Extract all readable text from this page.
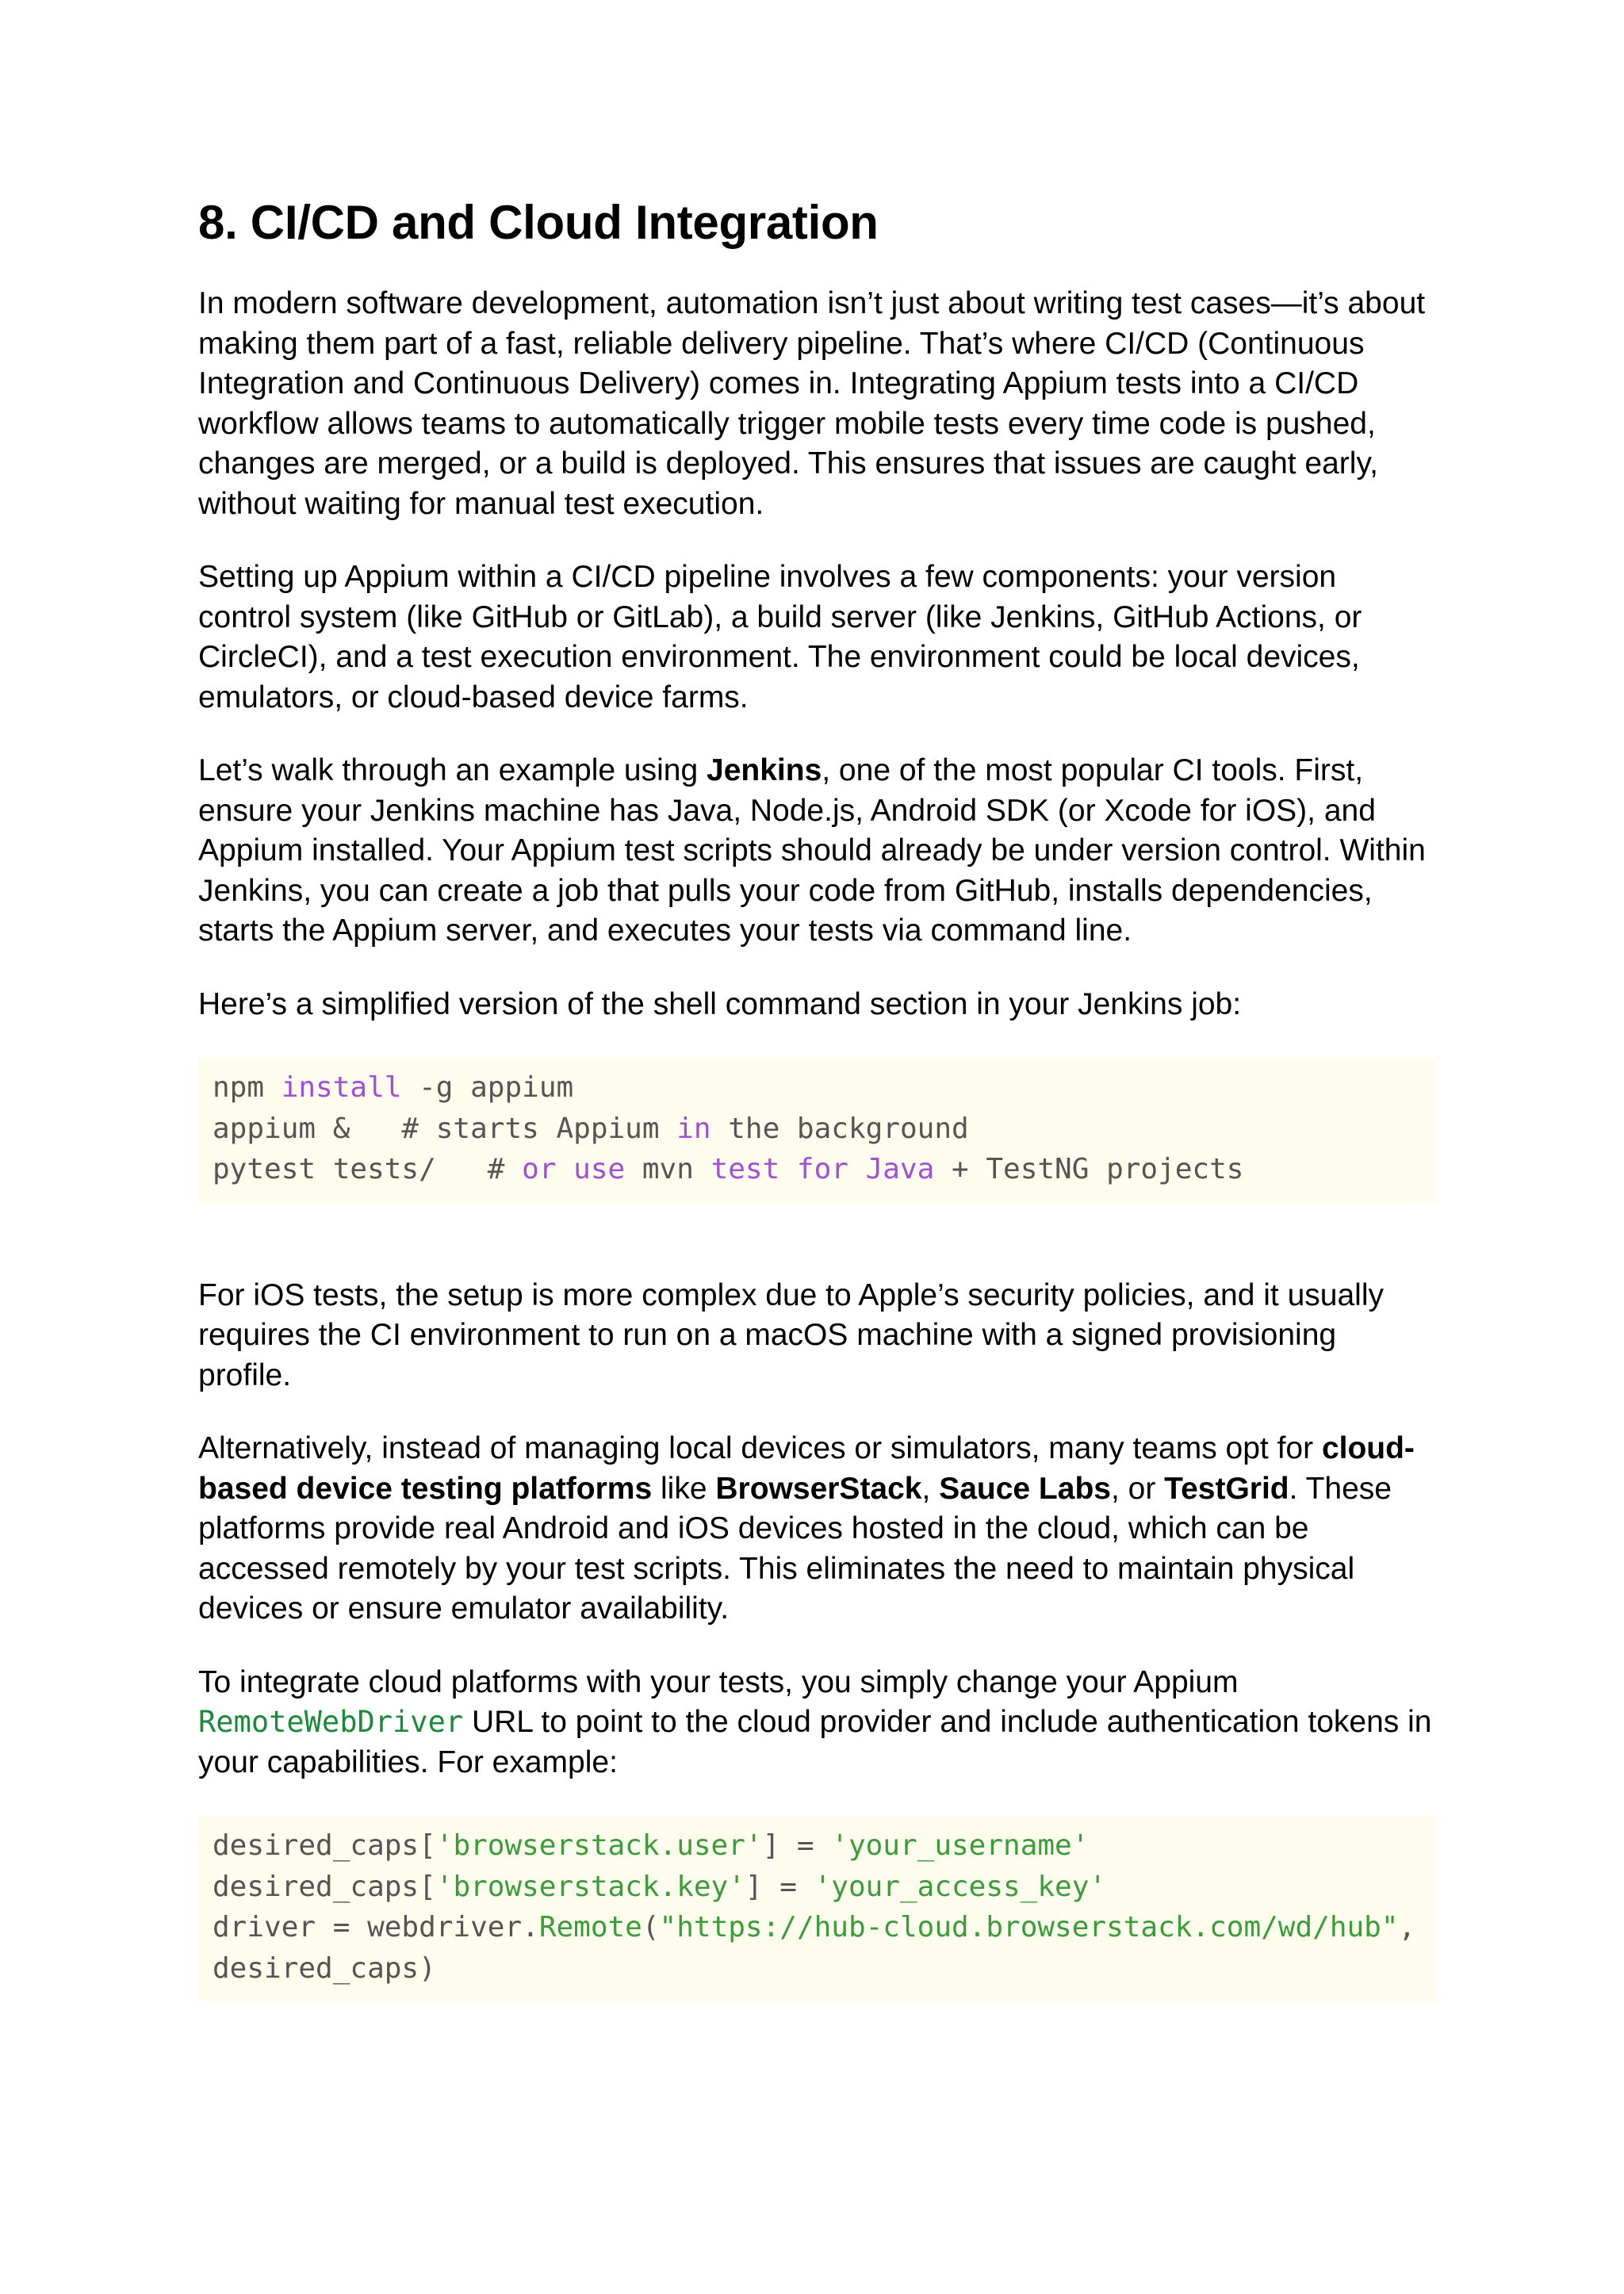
8. CI/CD and Cloud Integration

In modern software development, automation isn’t just about writing test cases—it’s about making them part of a fast, reliable delivery pipeline. That’s where CI/CD (Continuous Integration and Continuous Delivery) comes in. Integrating Appium tests into a CI/CD workflow allows teams to automatically trigger mobile tests every time code is pushed, changes are merged, or a build is deployed. This ensures that issues are caught early, without waiting for manual test execution.

Setting up Appium within a CI/CD pipeline involves a few components: your version control system (like GitHub or GitLab), a build server (like Jenkins, GitHub Actions, or CircleCI), and a test execution environment. The environment could be local devices, emulators, or cloud-based device farms.

Let’s walk through an example using Jenkins, one of the most popular CI tools. First, ensure your Jenkins machine has Java, Node.js, Android SDK (or Xcode for iOS), and Appium installed. Your Appium test scripts should already be under version control. Within Jenkins, you can create a job that pulls your code from GitHub, installs dependencies, starts the Appium server, and executes your tests via command line.

Here’s a simplified version of the shell command section in your Jenkins job:

npm install -g appium
appium &   # starts Appium in the background
pytest tests/   # or use mvn test for Java + TestNG projects

For iOS tests, the setup is more complex due to Apple’s security policies, and it usually requires the CI environment to run on a macOS machine with a signed provisioning profile.

Alternatively, instead of managing local devices or simulators, many teams opt for cloud-based device testing platforms like BrowserStack, Sauce Labs, or TestGrid. These platforms provide real Android and iOS devices hosted in the cloud, which can be accessed remotely by your test scripts. This eliminates the need to maintain physical devices or ensure emulator availability.

To integrate cloud platforms with your tests, you simply change your Appium RemoteWebDriver URL to point to the cloud provider and include authentication tokens in your capabilities. For example:

desired_caps['browserstack.user'] = 'your_username'
desired_caps['browserstack.key'] = 'your_access_key'
driver = webdriver.Remote("https://hub-cloud.browserstack.com/wd/hub",
desired_caps)
